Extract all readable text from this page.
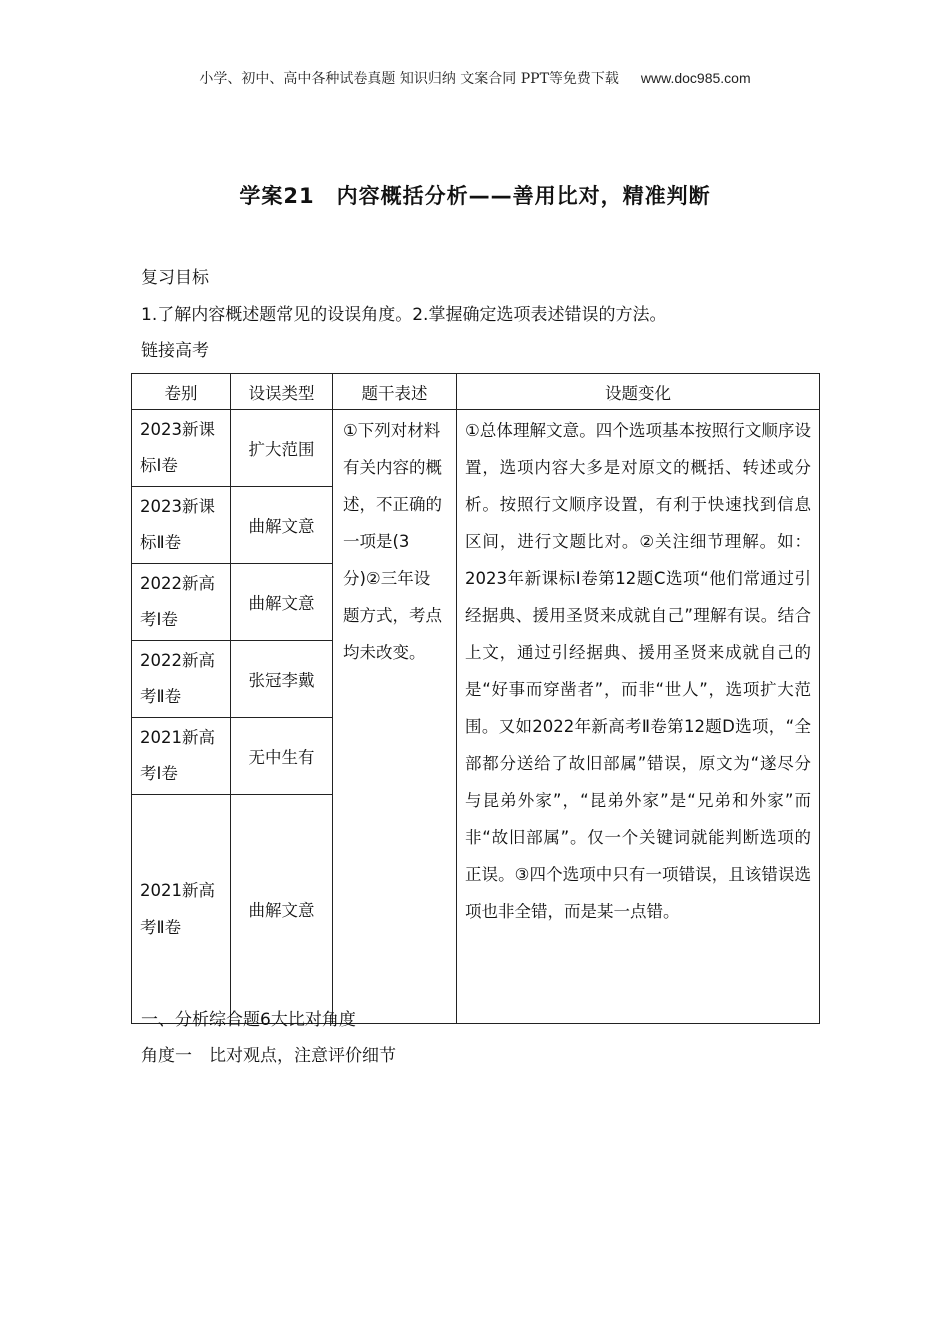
小学、初中、高中各种试卷真题 知识归纳 文案合同 PPT等免费下载 www.doc985.com
学案21　内容概括分析——善用比对，精准判断
复习目标
1.了解内容概述题常见的设误角度。2.掌握确定选项表述错误的方法。
链接高考
卷别	设误类型	题干表述	设题变化
2023新课标Ⅰ卷	扩大范围	①下列对材料有关内容的概述，不正确的一项是(3分)②三年设题方式，考点均未改变。	①总体理解文意。四个选项基本按照行文顺序设置，选项内容大多是对原文的概括、转述或分析。按照行文顺序设置，有利于快速找到信息区间，进行文题比对。②关注细节理解。如：2023年新课标Ⅰ卷第12题C选项“他们常通过引经据典、援用圣贤来成就自己”理解有误。结合上文，通过引经据典、援用圣贤来成就自己的是“好事而穿凿者”，而非“世人”，选项扩大范围。又如2022年新高考Ⅱ卷第12题D选项，“全部都分送给了故旧部属”错误，原文为“遂尽分与昆弟外家”，“昆弟外家”是“兄弟和外家”而非“故旧部属”。仅一个关键词就能判断选项的正误。③四个选项中只有一项错误，且该错误选项也非全错，而是某一点错。
2023新课标Ⅱ卷	曲解文意		
2022新高考Ⅰ卷	曲解文意		
2022新高考Ⅱ卷	张冠李戴		
2021新高考Ⅰ卷	无中生有		
2021新高考Ⅱ卷	曲解文意		
一、分析综合题6大比对角度
角度一　比对观点，注意评价细节
